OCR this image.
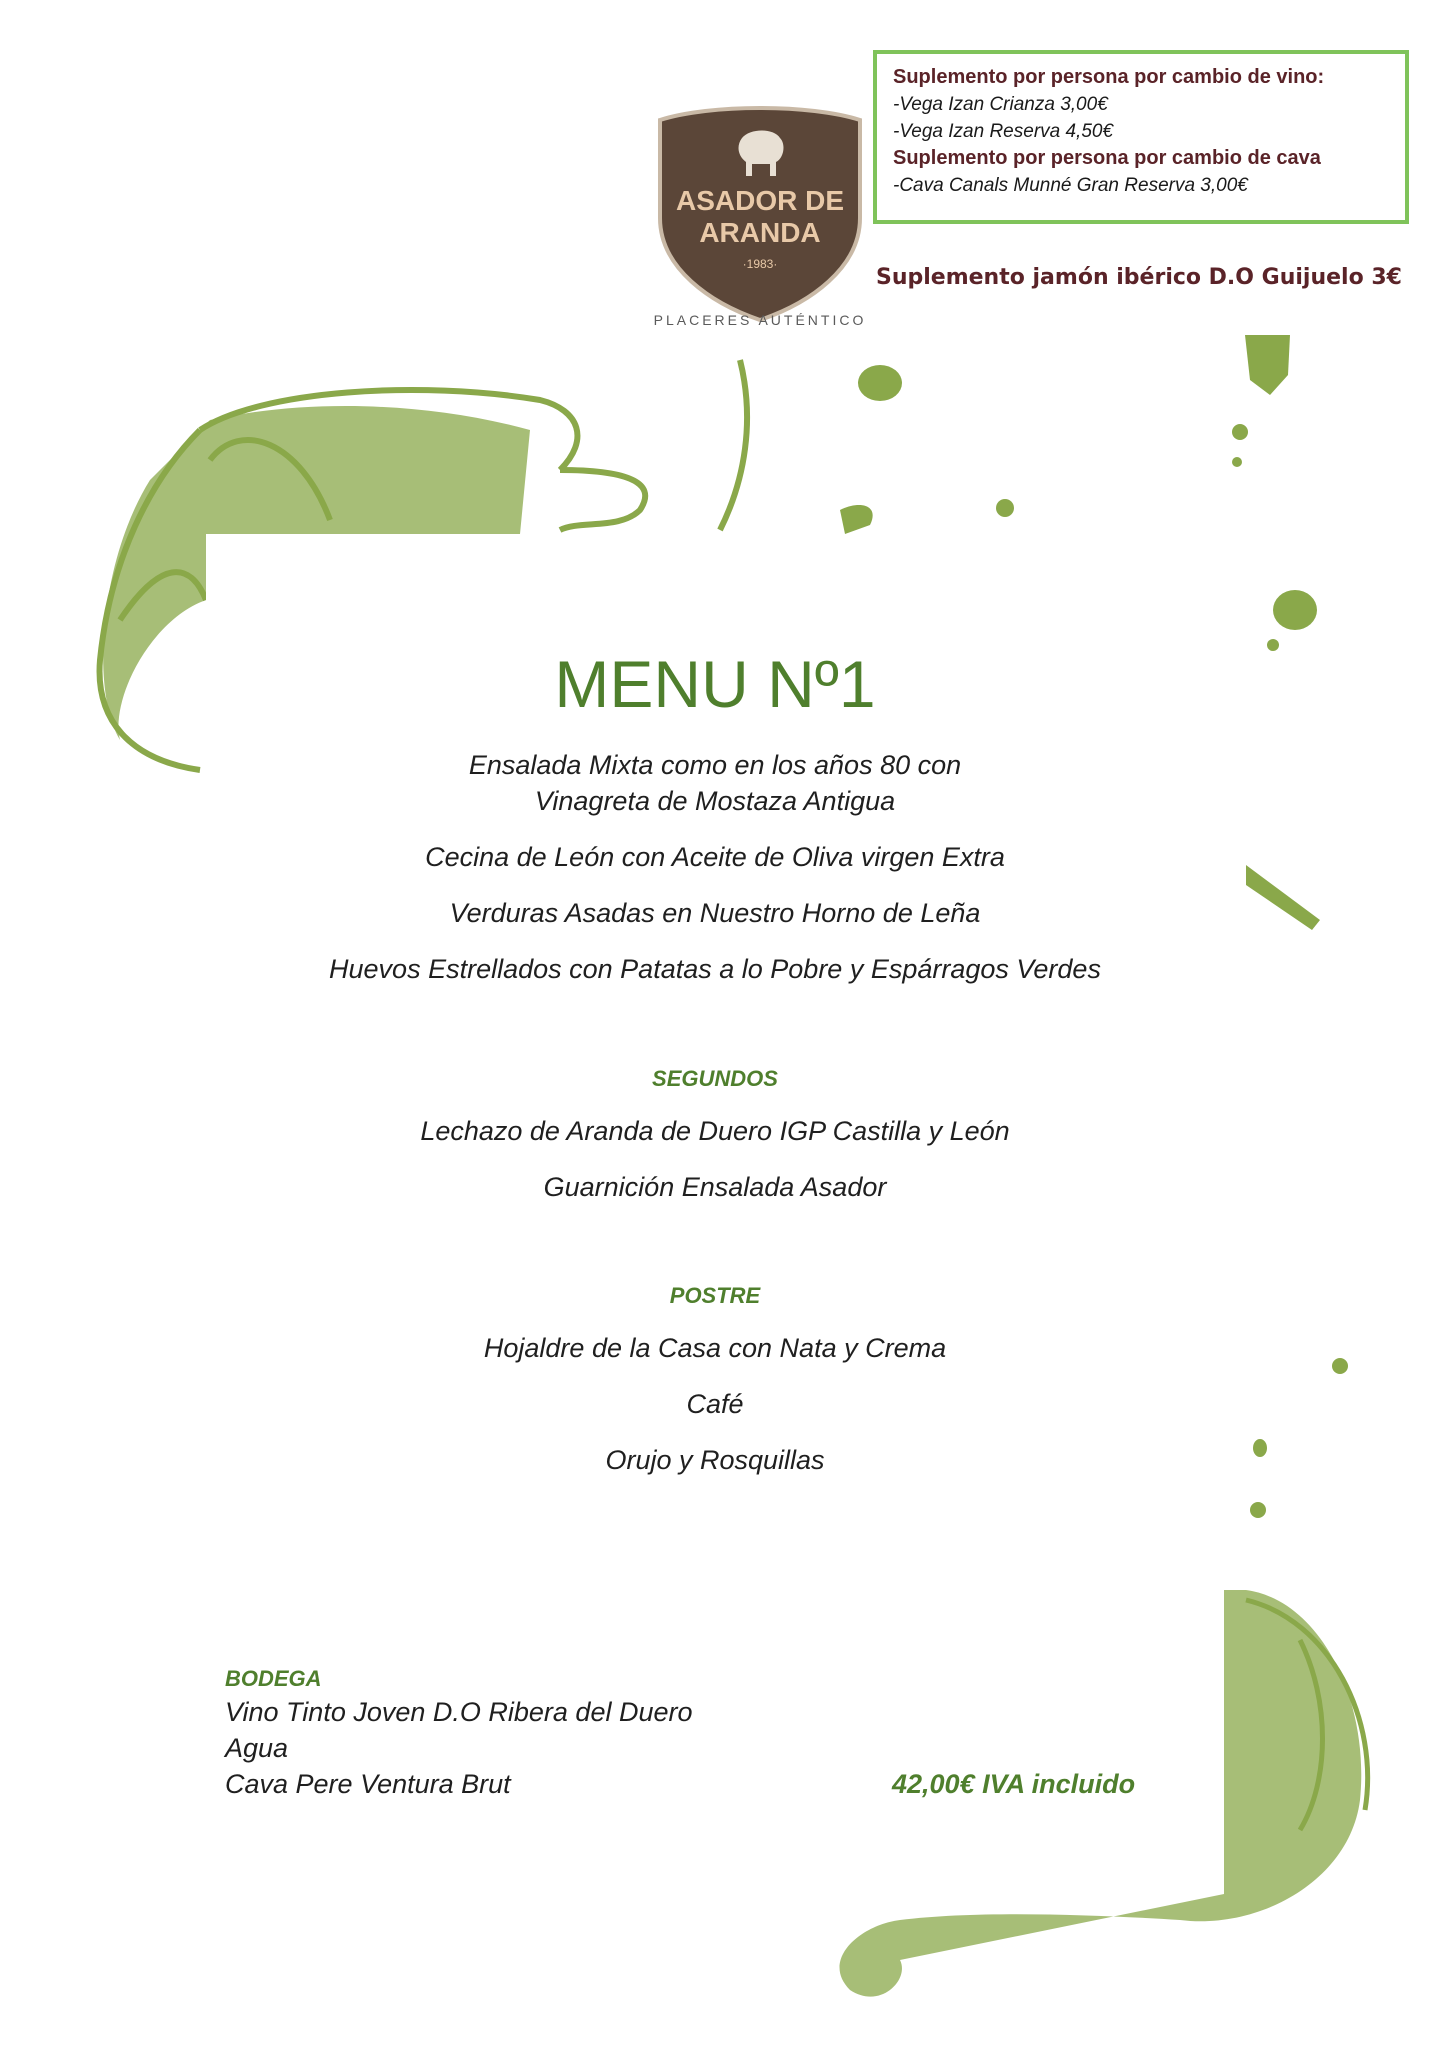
ASADOR DE
ARANDA
·1983·
PLACERES AUTÉNTICO
Suplemento por persona por cambio de vino:
-Vega Izan Crianza 3,00€
-Vega Izan Reserva 4,50€
Suplemento por persona por cambio de cava
-Cava Canals Munné Gran Reserva 3,00€
Suplemento jamón ibérico D.O Guijuelo 3€
MENU Nº1
Ensalada Mixta como en los años 80 con
Vinagreta de Mostaza Antigua
Cecina de León con Aceite de Oliva virgen Extra
Verduras Asadas en Nuestro Horno de Leña
Huevos Estrellados con Patatas a lo Pobre y Espárragos Verdes
SEGUNDOS
Lechazo de Aranda de Duero IGP Castilla y León
Guarnición Ensalada Asador
POSTRE
Hojaldre de la Casa con Nata y Crema
Café
Orujo y Rosquillas
BODEGA
Vino Tinto Joven D.O Ribera del Duero
Agua
Cava Pere Ventura Brut	42,00€ IVA incluido
